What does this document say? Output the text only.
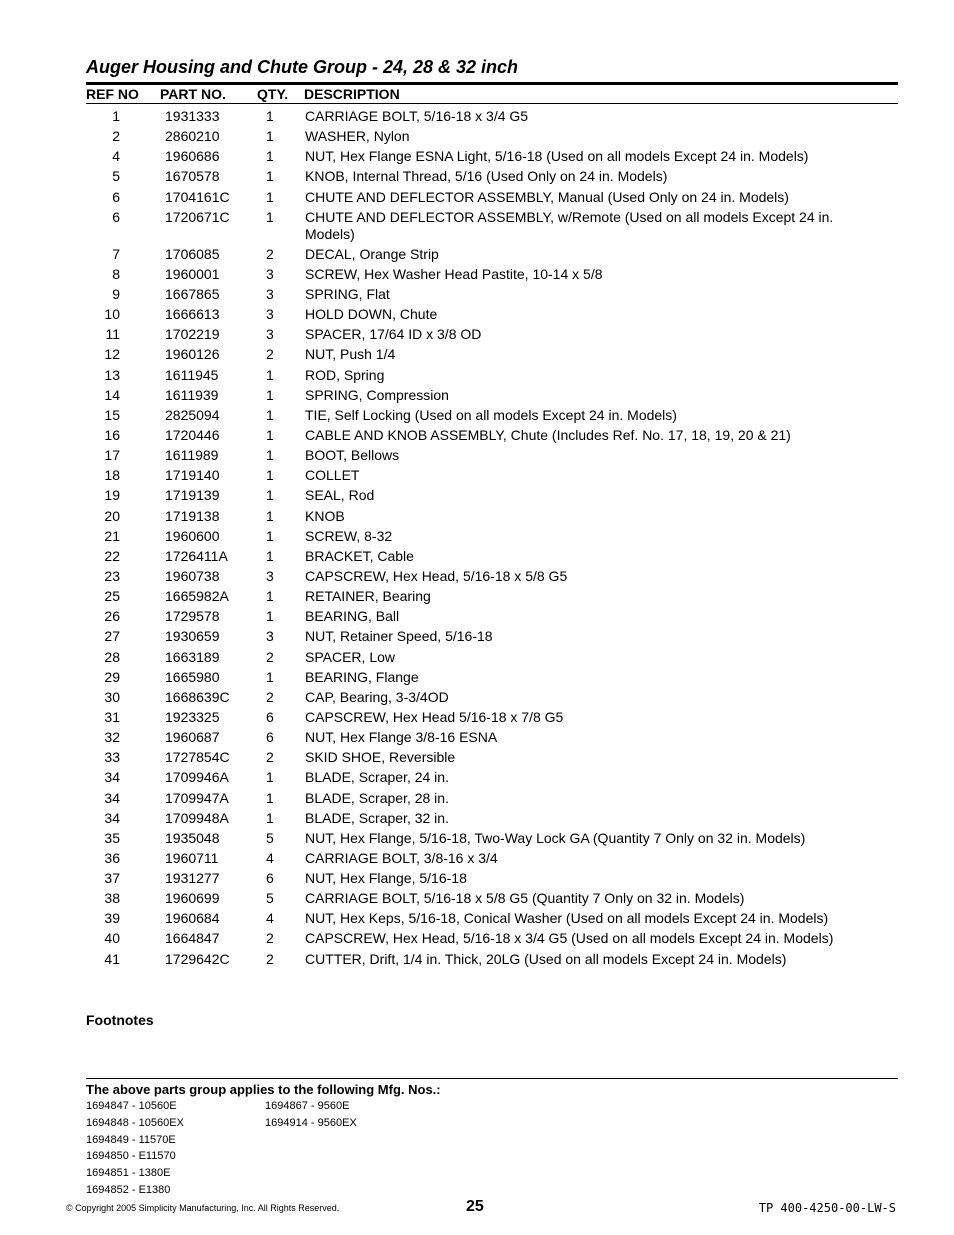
Auger Housing and Chute Group - 24, 28 & 32 inch
REF NO PART NO. QTY. DESCRIPTION
1	1931333	1 CARRIAGE BOLT, 5/16-18 x 3/4 G5
2	2860210	1 WASHER, Nylon
4	1960686	1 NUT, Hex Flange ESNA Light, 5/16-18 (Used on all models Except 24 in. Models)
5	1670578	1 KNOB, Internal Thread, 5/16 (Used Only on 24 in. Models)
6	1704161C	1 CHUTE AND DEFLECTOR ASSEMBLY, Manual (Used Only on 24 in. Models)
6	1720671C	1 CHUTE AND DEFLECTOR ASSEMBLY, w/Remote (Used on all models Except 24 in. Models)
7	1706085	2 DECAL, Orange Strip
8	1960001	3 SCREW, Hex Washer Head Pastite, 10-14 x 5/8
9	1667865	3 SPRING, Flat
10	1666613	3 HOLD DOWN, Chute
11	1702219	3 SPACER, 17/64 ID x 3/8 OD
12	1960126	2 NUT, Push 1/4
13	1611945	1 ROD, Spring
14	1611939	1 SPRING, Compression
15	2825094	1 TIE, Self Locking (Used on all models Except 24 in. Models)
16	1720446	1 CABLE AND KNOB ASSEMBLY, Chute (Includes Ref. No. 17, 18, 19, 20 & 21)
17	1611989	1 BOOT, Bellows
18	1719140	1 COLLET
19	1719139	1 SEAL, Rod
20	1719138	1 KNOB
21	1960600	1 SCREW, 8-32
22	1726411A	1 BRACKET, Cable
23	1960738	3 CAPSCREW, Hex Head, 5/16-18 x 5/8 G5
25	1665982A	1 RETAINER, Bearing
26	1729578	1 BEARING, Ball
27	1930659	3 NUT, Retainer Speed, 5/16-18
28	1663189	2 SPACER, Low
29	1665980	1 BEARING, Flange
30	1668639C	2 CAP, Bearing, 3-3/4OD
31	1923325	6 CAPSCREW, Hex Head 5/16-18 x 7/8 G5
32	1960687	6 NUT, Hex Flange 3/8-16 ESNA
33	1727854C	2 SKID SHOE, Reversible
34	1709946A	1 BLADE, Scraper, 24 in.
34	1709947A	1 BLADE, Scraper, 28 in.
34	1709948A	1 BLADE, Scraper, 32 in.
35	1935048	5 NUT, Hex Flange, 5/16-18, Two-Way Lock GA (Quantity 7 Only on 32 in. Models)
36	1960711	4 CARRIAGE BOLT, 3/8-16 x 3/4
37	1931277	6 NUT, Hex Flange, 5/16-18
38	1960699	5 CARRIAGE BOLT, 5/16-18 x 5/8 G5 (Quantity 7 Only on 32 in. Models)
39	1960684	4 NUT, Hex Keps, 5/16-18, Conical Washer (Used on all models Except 24 in. Models)
40	1664847	2 CAPSCREW, Hex Head, 5/16-18 x 3/4 G5 (Used on all models Except 24 in. Models)
41	1729642C	2 CUTTER, Drift, 1/4 in. Thick, 20LG (Used on all models Except 24 in. Models)
Footnotes
The above parts group applies to the following Mfg. Nos.:
1694847 - 10560E
1694848 - 10560EX
1694849 - 11570E
1694850 - E11570
1694851 - 1380E
1694852 - E1380
1694867 - 9560E
1694914 - 9560EX
© Copyright 2005 Simplicity Manufacturing, Inc. All Rights Reserved.	25	TP 400-4250-00-LW-S
